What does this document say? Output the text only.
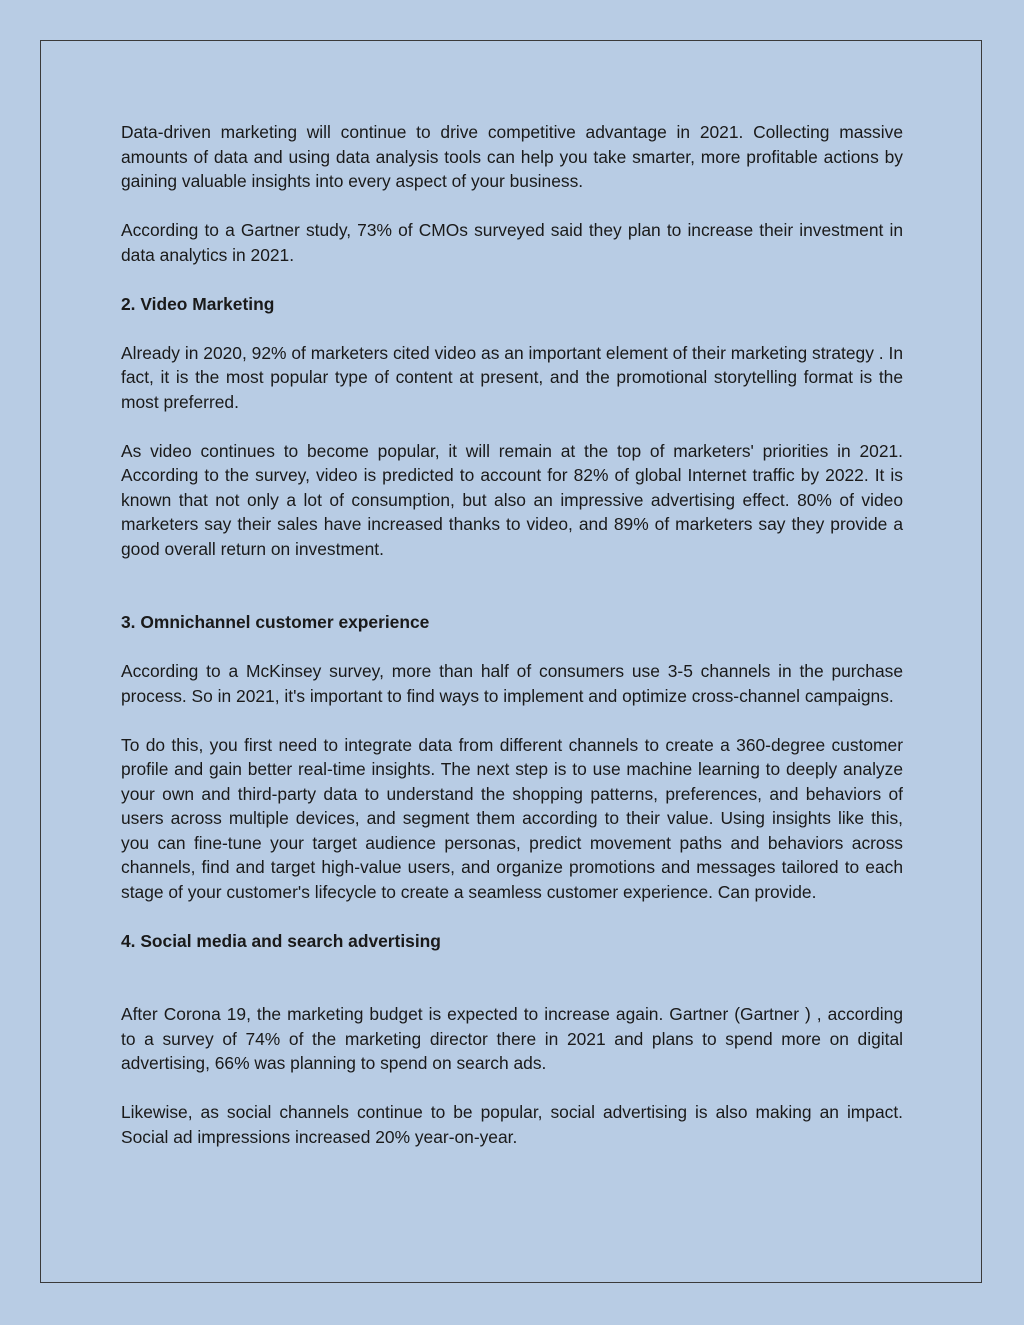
Data-driven marketing will continue to drive competitive advantage in 2021. Collecting massive amounts of data and using data analysis tools can help you take smarter, more profitable actions by gaining valuable insights into every aspect of your business.

According to a Gartner study, 73% of CMOs surveyed said they plan to increase their investment in data analytics in 2021.

2. Video Marketing

Already in 2020, 92% of marketers cited video as an important element of their marketing strategy . In fact, it is the most popular type of content at present, and the promotional storytelling format is the most preferred.

As video continues to become popular, it will remain at the top of marketers' priorities in 2021. According to the survey, video is predicted to account for 82% of global Internet traffic by 2022. It is known that not only a lot of consumption, but also an impressive advertising effect. 80% of video marketers say their sales have increased thanks to video, and 89% of marketers say they provide a good overall return on investment.

3. Omnichannel customer experience

According to a McKinsey survey, more than half of consumers use 3-5 channels in the purchase process. So in 2021, it's important to find ways to implement and optimize cross-channel campaigns.

To do this, you first need to integrate data from different channels to create a 360-degree customer profile and gain better real-time insights. The next step is to use machine learning to deeply analyze your own and third-party data to understand the shopping patterns, preferences, and behaviors of users across multiple devices, and segment them according to their value. Using insights like this, you can fine-tune your target audience personas, predict movement paths and behaviors across channels, find and target high-value users, and organize promotions and messages tailored to each stage of your customer's lifecycle to create a seamless customer experience. Can provide.

4. Social media and search advertising

After Corona 19, the marketing budget is expected to increase again. Gartner (Gartner ) , according to a survey of 74% of the marketing director there in 2021 and plans to spend more on digital advertising, 66% was planning to spend on search ads.

Likewise, as social channels continue to be popular, social advertising is also making an impact. Social ad impressions increased 20% year-on-year.
